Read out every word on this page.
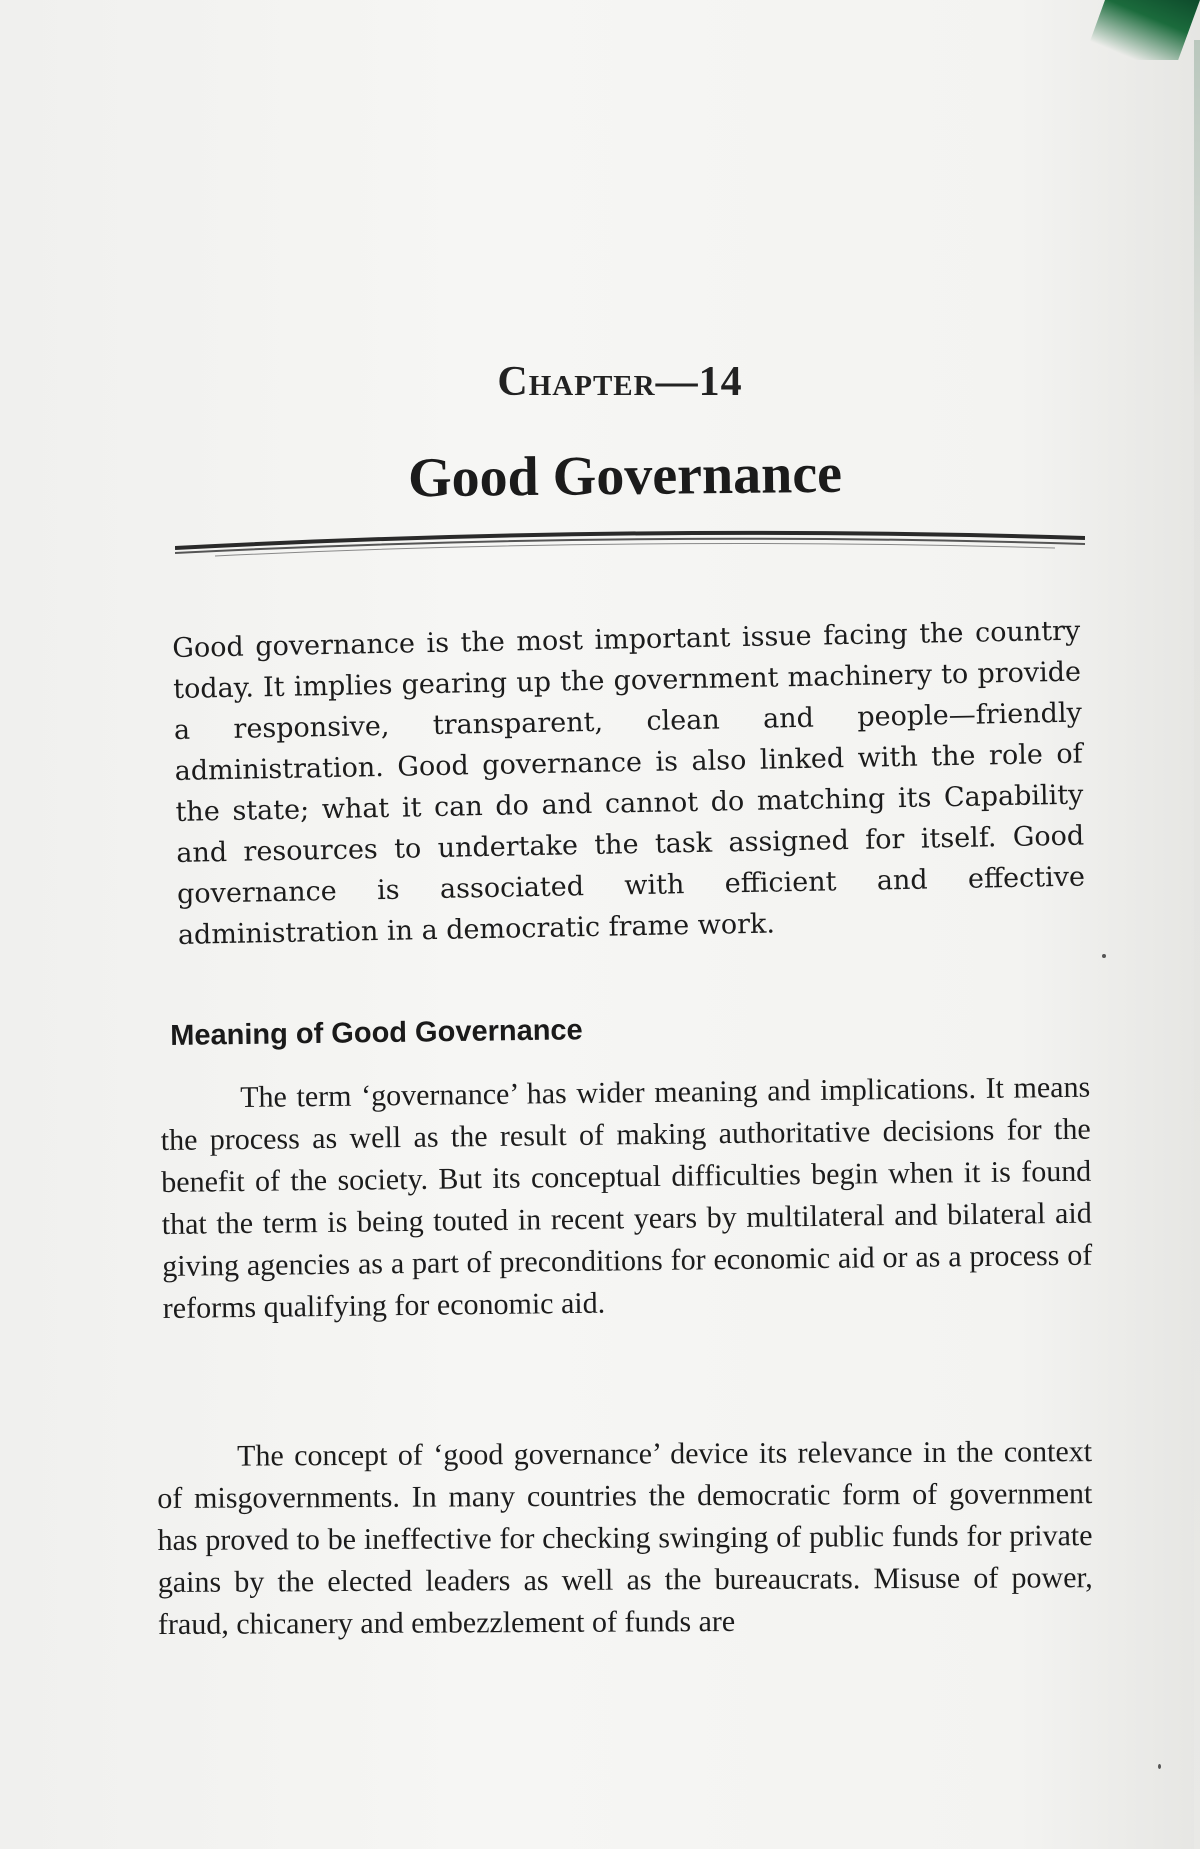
Chapter—14
Good Governance
Good governance is the most important issue facing the country today. It implies gearing up the government machinery to provide a responsive, transparent, clean and people—friendly administration. Good governance is also linked with the role of the state; what it can do and cannot do matching its Capability and resources to undertake the task assigned for itself. Good governance is associated with efficient and effective administration in a democratic frame work.
Meaning of Good Governance
The term ‘governance’ has wider meaning and implications. It means the process as well as the result of making authoritative decisions for the benefit of the society. But its conceptual difficulties begin when it is found that the term is being touted in recent years by multilateral and bilateral aid giving agencies as a part of preconditions for economic aid or as a process of reforms qualifying for economic aid.
The concept of ‘good governance’ device its relevance in the context of misgovernments. In many countries the democratic form of government has proved to be ineffective for checking swinging of public funds for private gains by the elected leaders as well as the bureaucrats. Misuse of power, fraud, chicanery and embezzlement of funds are
